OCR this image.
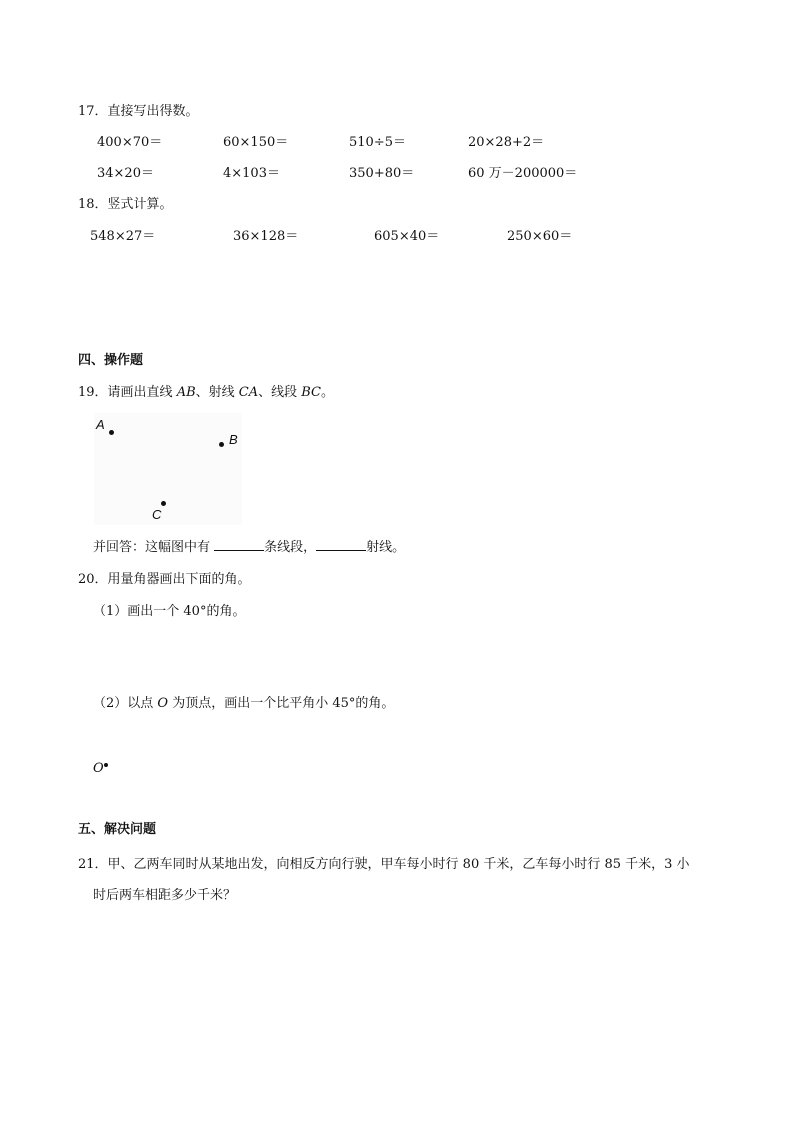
17．直接写出得数。
400×70＝	60×150＝	510÷5＝	20×28+2＝
34×20＝	4×103＝	350+80＝	60 万－200000＝
18．竖式计算。
548×27＝	36×128＝	605×40＝	250×60＝
四、操作题
19．请画出直线 AB、射线 CA、线段 BC。
A
B
C
并回答：这幅图中有	条线段，	射线。
20．用量角器画出下面的角。
（1）画出一个 40°的角。
（2）以点 O 为顶点，画出一个比平角小 45°的角。
O
五、解决问题
21．甲、乙两车同时从某地出发，向相反方向行驶，甲车每小时行 80 千米，乙车每小时行 85 千米，3 小
时后两车相距多少千米？
